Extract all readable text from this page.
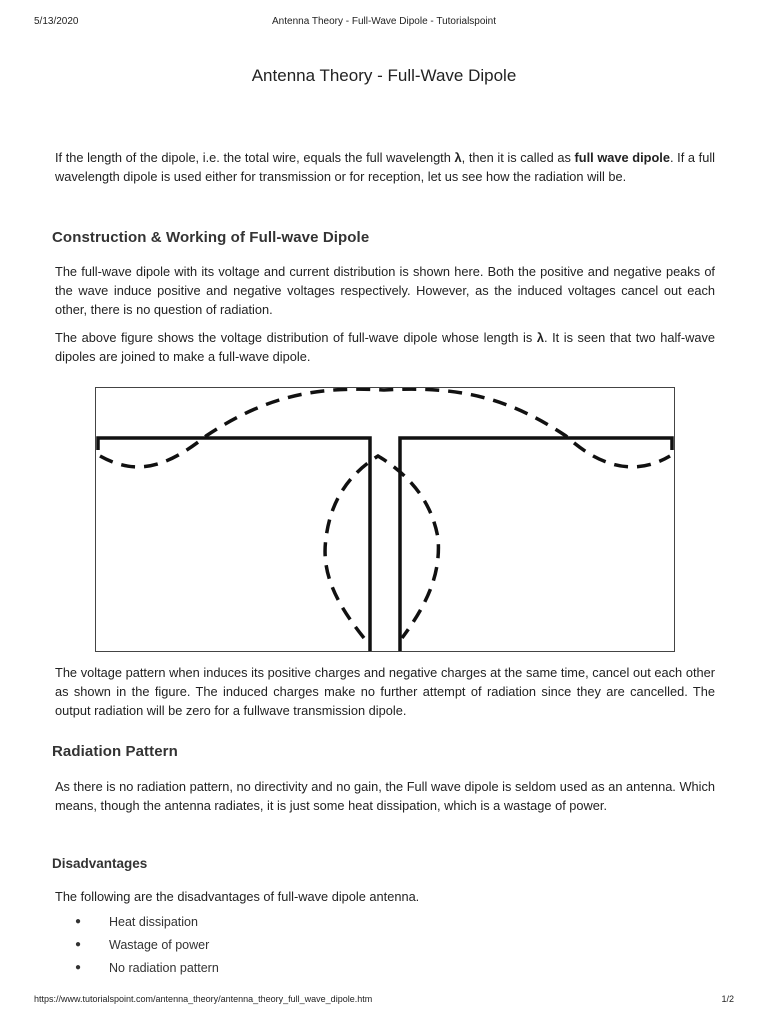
5/13/2020	Antenna Theory - Full-Wave Dipole - Tutorialspoint
Antenna Theory - Full-Wave Dipole

If the length of the dipole, i.e. the total wire, equals the full wavelength λ, then it is called as full wave dipole. If a full wavelength dipole is used either for transmission or for reception, let us see how the radiation will be.

Construction & Working of Full-wave Dipole

The full-wave dipole with its voltage and current distribution is shown here. Both the positive and negative peaks of the wave induce positive and negative voltages respectively. However, as the induced voltages cancel out each other, there is no question of radiation.

The above figure shows the voltage distribution of full-wave dipole whose length is λ. It is seen that two half-wave dipoles are joined to make a full-wave dipole.

The voltage pattern when induces its positive charges and negative charges at the same time, cancel out each other as shown in the figure. The induced charges make no further attempt of radiation since they are cancelled. The output radiation will be zero for a fullwave transmission dipole.

Radiation Pattern

As there is no radiation pattern, no directivity and no gain, the Full wave dipole is seldom used as an antenna. Which means, though the antenna radiates, it is just some heat dissipation, which is a wastage of power.

Disadvantages

The following are the disadvantages of full-wave dipole antenna.

● Heat dissipation
● Wastage of power
● No radiation pattern
https://www.tutorialspoint.com/antenna_theory/antenna_theory_full_wave_dipole.htm	1/2
